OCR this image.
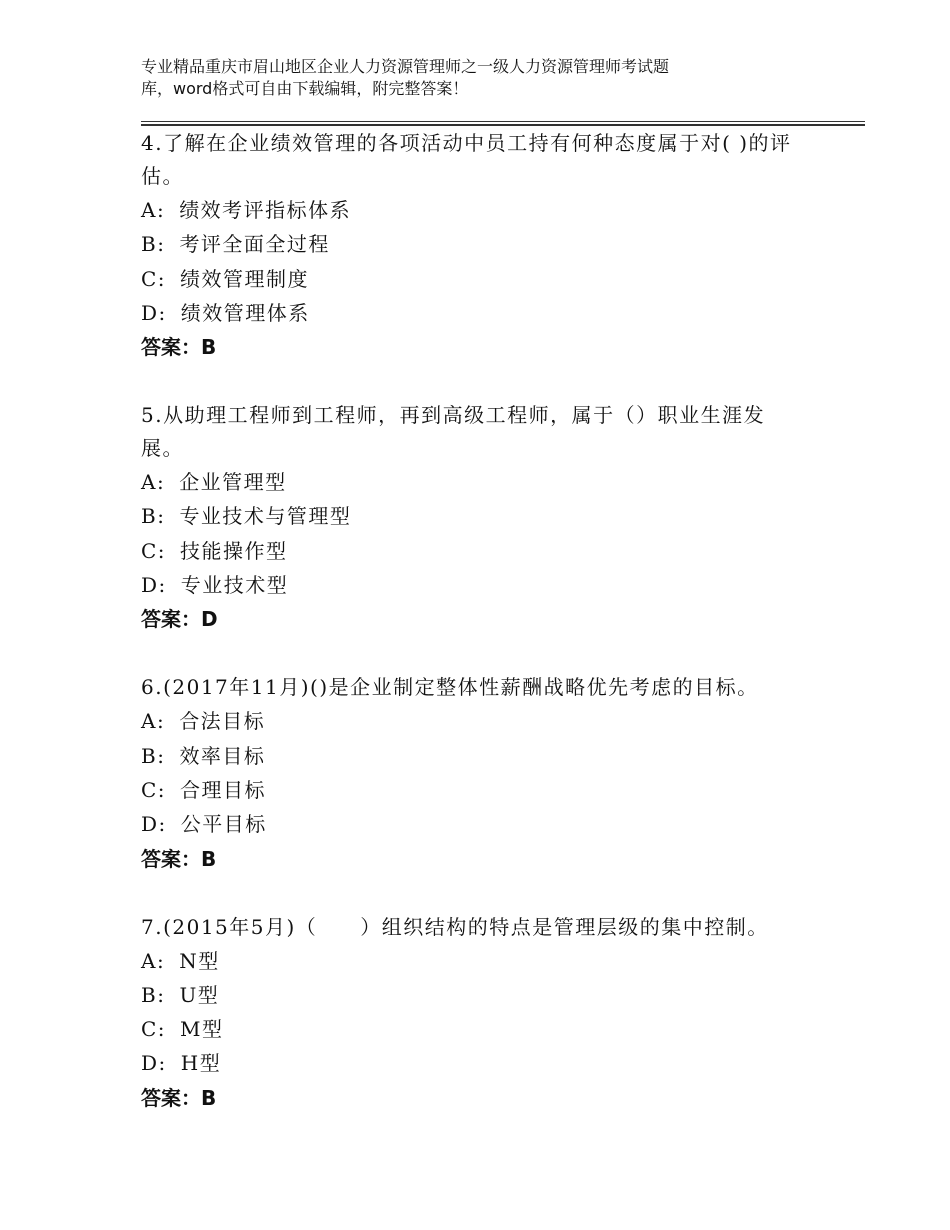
专业精品重庆市眉山地区企业人力资源管理师之一级人力资源管理师考试题
库，word格式可自由下载编辑，附完整答案！
4.了解在企业绩效管理的各项活动中员工持有何种态度属于对( )的评
估。
A: 绩效考评指标体系
B: 考评全面全过程
C: 绩效管理制度
D: 绩效管理体系
答案：B
5.从助理工程师到工程师，再到高级工程师，属于（）职业生涯发
展。
A: 企业管理型
B: 专业技术与管理型
C: 技能操作型
D: 专业技术型
答案：D
6.(2017年11月)()是企业制定整体性薪酬战略优先考虑的目标。
A: 合法目标
B: 效率目标
C: 合理目标
D: 公平目标
答案：B
7.(2015年5月)（　　）组织结构的特点是管理层级的集中控制。
A: N型
B: U型
C: M型
D: H型
答案：B
